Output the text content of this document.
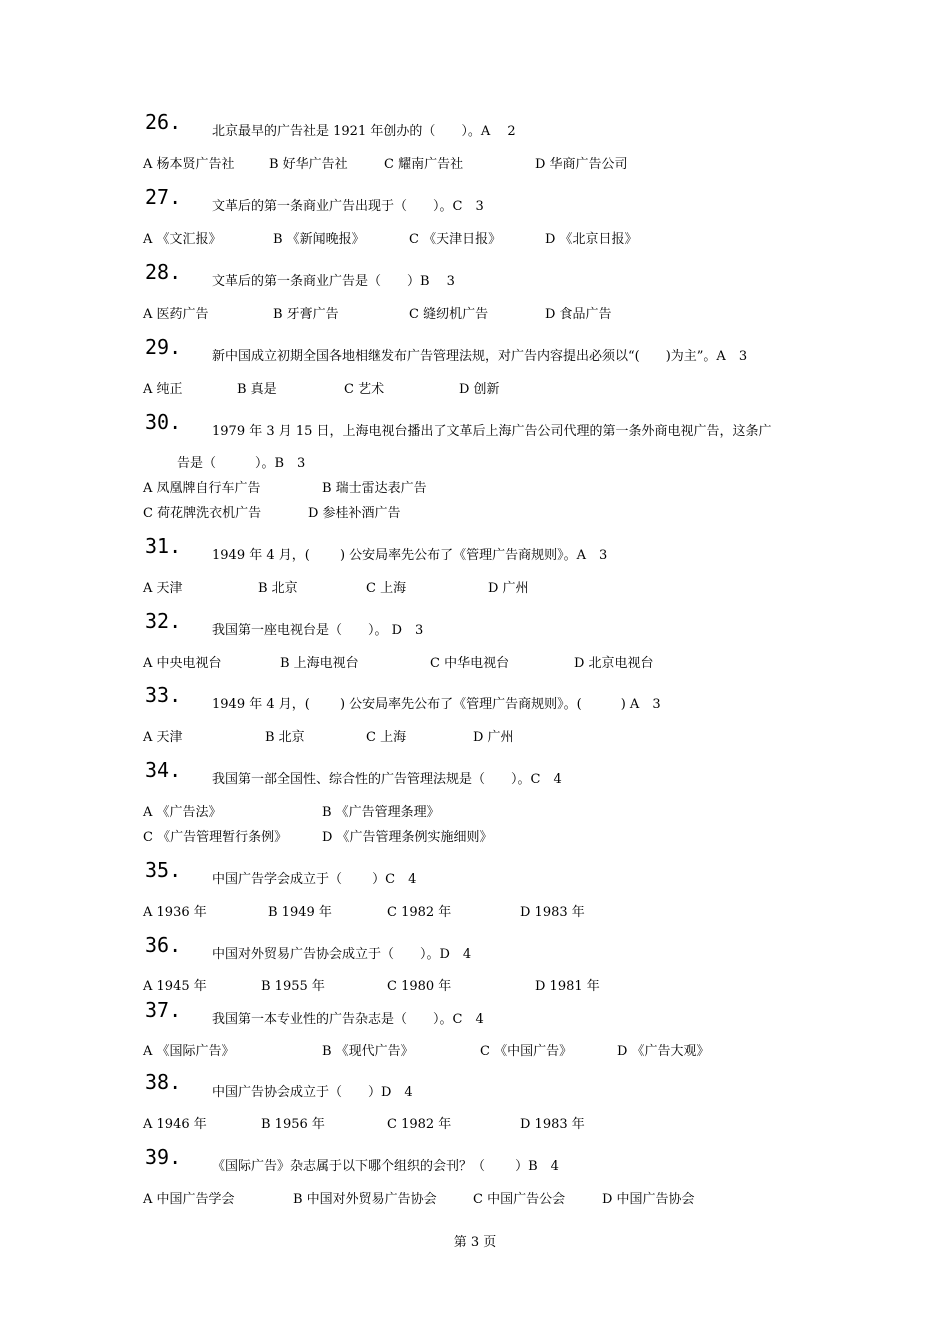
26. 北京最早的广告社是 1921 年创办的（　　）。A　 2
A 杨本贤广告社	B 好华广告社	C 耀南广告社	D 华商广告公司
27. 文革后的第一条商业广告出现于（　　）。C　3
A 《文汇报》	B 《新闻晚报》	C 《天津日报》	D 《北京日报》
28. 文革后的第一条商业广告是（　　）B　 3
A 医药广告	B 牙膏广告	C 缝纫机广告	D 食品广告
29. 新中国成立初期全国各地相继发布广告管理法规，对广告内容提出必须以“(　　)为主”。A　3
A 纯正	B 真是	C 艺术	D 创新
30. 1979 年 3 月 15 日，上海电视台播出了文革后上海广告公司代理的第一条外商电视广告，这条广
告是（　　　）。B　3
A 凤凰牌自行车广告	B 瑞士雷达表广告
C 荷花牌洗衣机广告	D 参桂补酒广告
31. 1949 年 4 月，(　　 ) 公安局率先公布了《管理广告商规则》。A　3
A 天津	B 北京	C 上海	D 广州
32. 我国第一座电视台是（　　）。 D　3
A 中央电视台	B 上海电视台	C 中华电视台	D 北京电视台
33. 1949 年 4 月，(　　 ) 公安局率先公布了《管理广告商规则》。(　　　) A　3
A 天津	B 北京	C 上海	D 广州
34. 我国第一部全国性、综合性的广告管理法规是（　　）。C　4
A 《广告法》	B 《广告管理条理》
C 《广告管理暂行条例》	D 《广告管理条例实施细则》
35. 中国广告学会成立于（　　 ）C　4
A 1936 年	B 1949 年	C 1982 年	D 1983 年
36. 中国对外贸易广告协会成立于（　　）。D　4
A 1945 年	B 1955 年	C 1980 年	D 1981 年
37. 我国第一本专业性的广告杂志是（　　）。C　4
A 《国际广告》	B 《现代广告》	C 《中国广告》	D 《广告大观》
38. 中国广告协会成立于（　　）D　4
A 1946 年	B 1956 年	C 1982 年	D 1983 年
39. 《国际广告》杂志属于以下哪个组织的会刊？（　　 ）B　4
A 中国广告学会	B 中国对外贸易广告协会	C 中国广告公会	D 中国广告协会
第 3 页
